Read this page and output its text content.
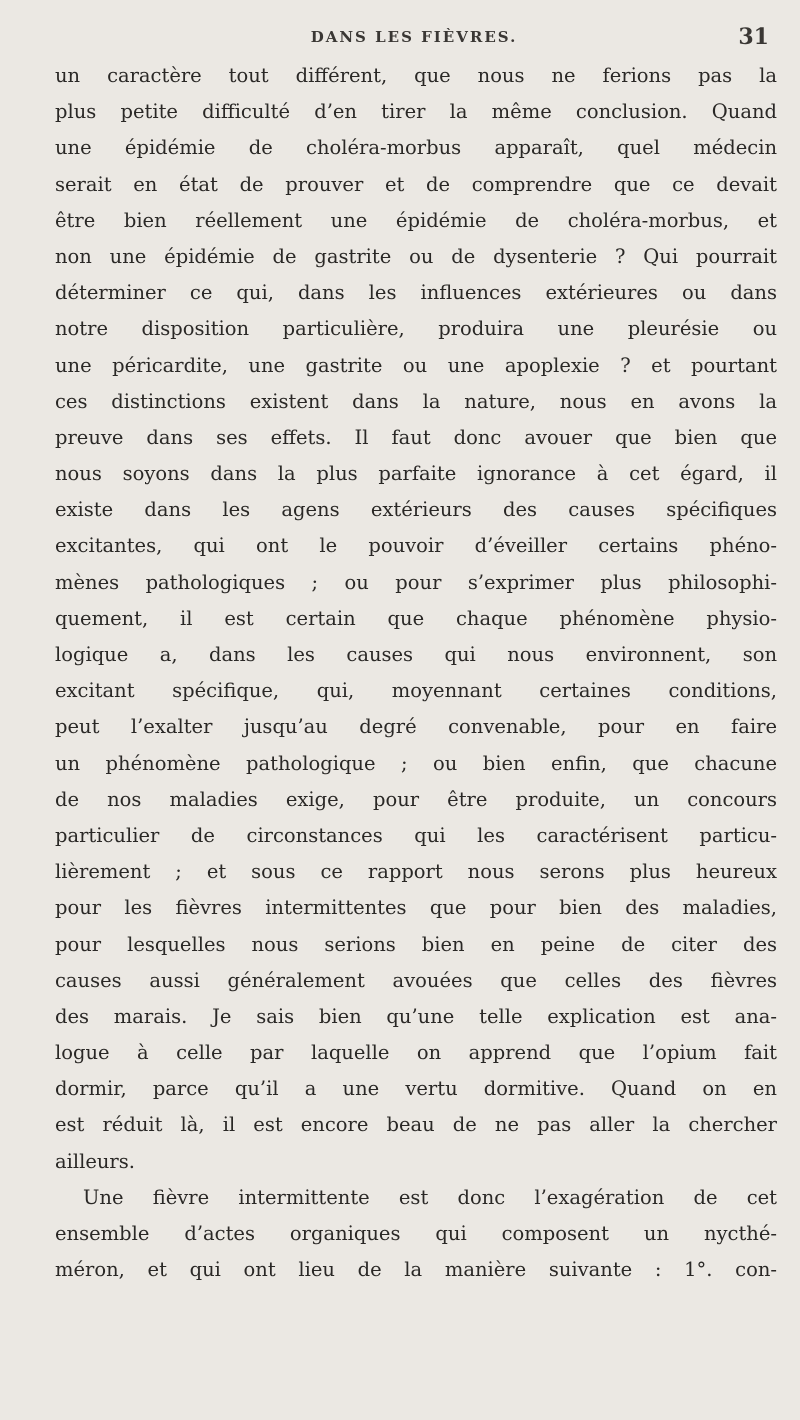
DANS LES FIÈVRES.	31
un caractère tout différent, que nous ne ferions pas la
plus petite difficulté d’en tirer la même conclusion. Quand
une épidémie de choléra-morbus apparaît, quel médecin
serait en état de prouver et de comprendre que ce devait
être bien réellement une épidémie de choléra-morbus, et
non une épidémie de gastrite ou de dysenterie ? Qui pourrait
déterminer ce qui, dans les influences extérieures ou dans
notre disposition particulière, produira une pleurésie ou
une péricardite, une gastrite ou une apoplexie ? et pourtant
ces distinctions existent dans la nature, nous en avons la
preuve dans ses effets. Il faut donc avouer que bien que
nous soyons dans la plus parfaite ignorance à cet égard, il
existe dans les agens extérieurs des causes spécifiques
excitantes, qui ont le pouvoir d’éveiller certains phéno-
mènes pathologiques ; ou pour s’exprimer plus philosophi-
quement, il est certain que chaque phénomène physio-
logique a, dans les causes qui nous environnent, son
excitant spécifique, qui, moyennant certaines conditions,
peut l’exalter jusqu’au degré convenable, pour en faire
un phénomène pathologique ; ou bien enfin, que chacune
de nos maladies exige, pour être produite, un concours
particulier de circonstances qui les caractérisent particu-
lièrement ; et sous ce rapport nous serons plus heureux
pour les fièvres intermittentes que pour bien des maladies,
pour lesquelles nous serions bien en peine de citer des
causes aussi généralement avouées que celles des fièvres
des marais. Je sais bien qu’une telle explication est ana-
logue à celle par laquelle on apprend que l’opium fait
dormir, parce qu’il a une vertu dormitive. Quand on en
est réduit là, il est encore beau de ne pas aller la chercher
ailleurs.
Une fièvre intermittente est donc l’exagération de cet
ensemble d’actes organiques qui composent un nycthé-
méron, et qui ont lieu de la manière suivante : 1°. con-
